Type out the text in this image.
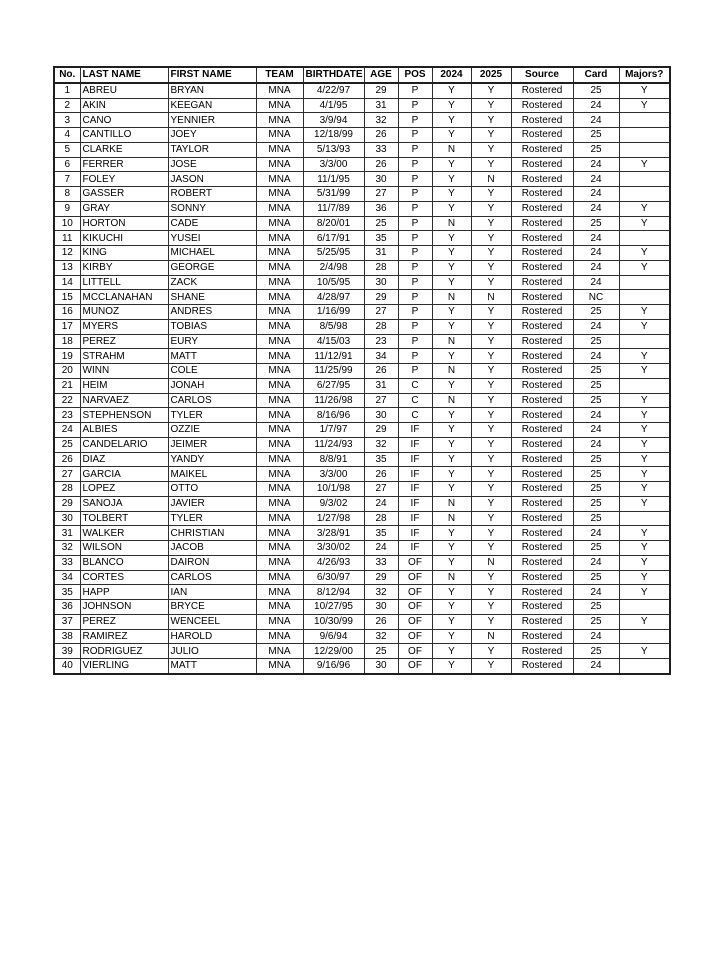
No.	LAST NAME	FIRST NAME	TEAM	BIRTHDATE	AGE	POS	2024	2025	Source	Card	Majors?
1	ABREU	BRYAN	MNA	4/22/97	29	P	Y	Y	Rostered	25	Y
2	AKIN	KEEGAN	MNA	4/1/95	31	P	Y	Y	Rostered	24	Y
3	CANO	YENNIER	MNA	3/9/94	32	P	Y	Y	Rostered	24	
4	CANTILLO	JOEY	MNA	12/18/99	26	P	Y	Y	Rostered	25	
5	CLARKE	TAYLOR	MNA	5/13/93	33	P	N	Y	Rostered	25	
6	FERRER	JOSE	MNA	3/3/00	26	P	Y	Y	Rostered	24	Y
7	FOLEY	JASON	MNA	11/1/95	30	P	Y	N	Rostered	24	
8	GASSER	ROBERT	MNA	5/31/99	27	P	Y	Y	Rostered	24	
9	GRAY	SONNY	MNA	11/7/89	36	P	Y	Y	Rostered	24	Y
10	HORTON	CADE	MNA	8/20/01	25	P	N	Y	Rostered	25	Y
11	KIKUCHI	YUSEI	MNA	6/17/91	35	P	Y	Y	Rostered	24	
12	KING	MICHAEL	MNA	5/25/95	31	P	Y	Y	Rostered	24	Y
13	KIRBY	GEORGE	MNA	2/4/98	28	P	Y	Y	Rostered	24	Y
14	LITTELL	ZACK	MNA	10/5/95	30	P	Y	Y	Rostered	24	
15	MCCLANAHAN	SHANE	MNA	4/28/97	29	P	N	N	Rostered	NC	
16	MUNOZ	ANDRES	MNA	1/16/99	27	P	Y	Y	Rostered	25	Y
17	MYERS	TOBIAS	MNA	8/5/98	28	P	Y	Y	Rostered	24	Y
18	PEREZ	EURY	MNA	4/15/03	23	P	N	Y	Rostered	25	
19	STRAHM	MATT	MNA	11/12/91	34	P	Y	Y	Rostered	24	Y
20	WINN	COLE	MNA	11/25/99	26	P	N	Y	Rostered	25	Y
21	HEIM	JONAH	MNA	6/27/95	31	C	Y	Y	Rostered	25	
22	NARVAEZ	CARLOS	MNA	11/26/98	27	C	N	Y	Rostered	25	Y
23	STEPHENSON	TYLER	MNA	8/16/96	30	C	Y	Y	Rostered	24	Y
24	ALBIES	OZZIE	MNA	1/7/97	29	IF	Y	Y	Rostered	24	Y
25	CANDELARIO	JEIMER	MNA	11/24/93	32	IF	Y	Y	Rostered	24	Y
26	DIAZ	YANDY	MNA	8/8/91	35	IF	Y	Y	Rostered	25	Y
27	GARCIA	MAIKEL	MNA	3/3/00	26	IF	Y	Y	Rostered	25	Y
28	LOPEZ	OTTO	MNA	10/1/98	27	IF	Y	Y	Rostered	25	Y
29	SANOJA	JAVIER	MNA	9/3/02	24	IF	N	Y	Rostered	25	Y
30	TOLBERT	TYLER	MNA	1/27/98	28	IF	N	Y	Rostered	25	
31	WALKER	CHRISTIAN	MNA	3/28/91	35	IF	Y	Y	Rostered	24	Y
32	WILSON	JACOB	MNA	3/30/02	24	IF	Y	Y	Rostered	25	Y
33	BLANCO	DAIRON	MNA	4/26/93	33	OF	Y	N	Rostered	24	Y
34	CORTES	CARLOS	MNA	6/30/97	29	OF	N	Y	Rostered	25	Y
35	HAPP	IAN	MNA	8/12/94	32	OF	Y	Y	Rostered	24	Y
36	JOHNSON	BRYCE	MNA	10/27/95	30	OF	Y	Y	Rostered	25	
37	PEREZ	WENCEEL	MNA	10/30/99	26	OF	Y	Y	Rostered	25	Y
38	RAMIREZ	HAROLD	MNA	9/6/94	32	OF	Y	N	Rostered	24	
39	RODRIGUEZ	JULIO	MNA	12/29/00	25	OF	Y	Y	Rostered	25	Y
40	VIERLING	MATT	MNA	9/16/96	30	OF	Y	Y	Rostered	24	
